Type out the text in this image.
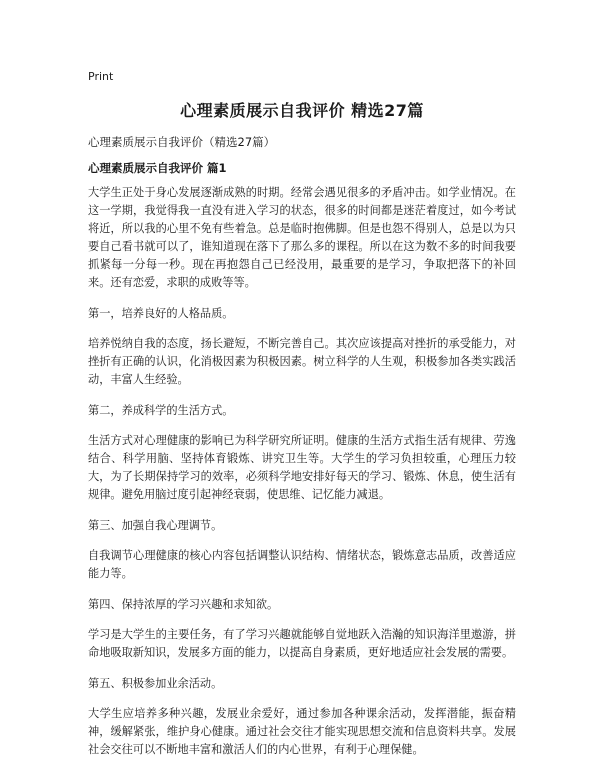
Print
心理素质展示自我评价 精选27篇

心理素质展示自我评价（精选27篇）

心理素质展示自我评价 篇1

大学生正处于身心发展逐渐成熟的时期。经常会遇见很多的矛盾冲击。如学业情况。在这一学期，我觉得我一直没有进入学习的状态，很多的时间都是迷茫着度过，如今考试将近，所以我的心里不免有些着急。总是临时抱佛脚。但是也怨不得别人，总是以为只要自己看书就可以了，谁知道现在落下了那么多的课程。所以在这为数不多的时间我要抓紧每一分每一秒。现在再抱怨自己已经没用，最重要的是学习，争取把落下的补回来。还有恋爱，求职的成败等等。

第一，培养良好的人格品质。

培养悦纳自我的态度，扬长避短，不断完善自己。其次应该提高对挫折的承受能力，对挫折有正确的认识，化消极因素为积极因素。树立科学的人生观，积极参加各类实践活动，丰富人生经验。

第二，养成科学的生活方式。

生活方式对心理健康的影响已为科学研究所证明。健康的生活方式指生活有规律、劳逸结合、科学用脑、坚持体育锻炼、讲究卫生等。大学生的学习负担较重，心理压力较大，为了长期保持学习的效率，必须科学地安排好每天的学习、锻炼、休息，使生活有规律。避免用脑过度引起神经衰弱，使思维、记忆能力减退。

第三、加强自我心理调节。

自我调节心理健康的核心内容包括调整认识结构、情绪状态，锻炼意志品质，改善适应能力等。

第四、保持浓厚的学习兴趣和求知欲。

学习是大学生的主要任务，有了学习兴趣就能够自觉地跃入浩瀚的知识海洋里遨游，拼命地吸取新知识，发展多方面的能力，以提高自身素质，更好地适应社会发展的需要。

第五、积极参加业余活动。

大学生应培养多种兴趣，发展业余爱好，通过参加各种课余活动，发挥潜能，振奋精神，缓解紧张，维护身心健康。通过社会交往才能实现思想交流和信息资料共享。发展社会交往可以不断地丰富和激活人们的内心世界，有利于心理保健。
